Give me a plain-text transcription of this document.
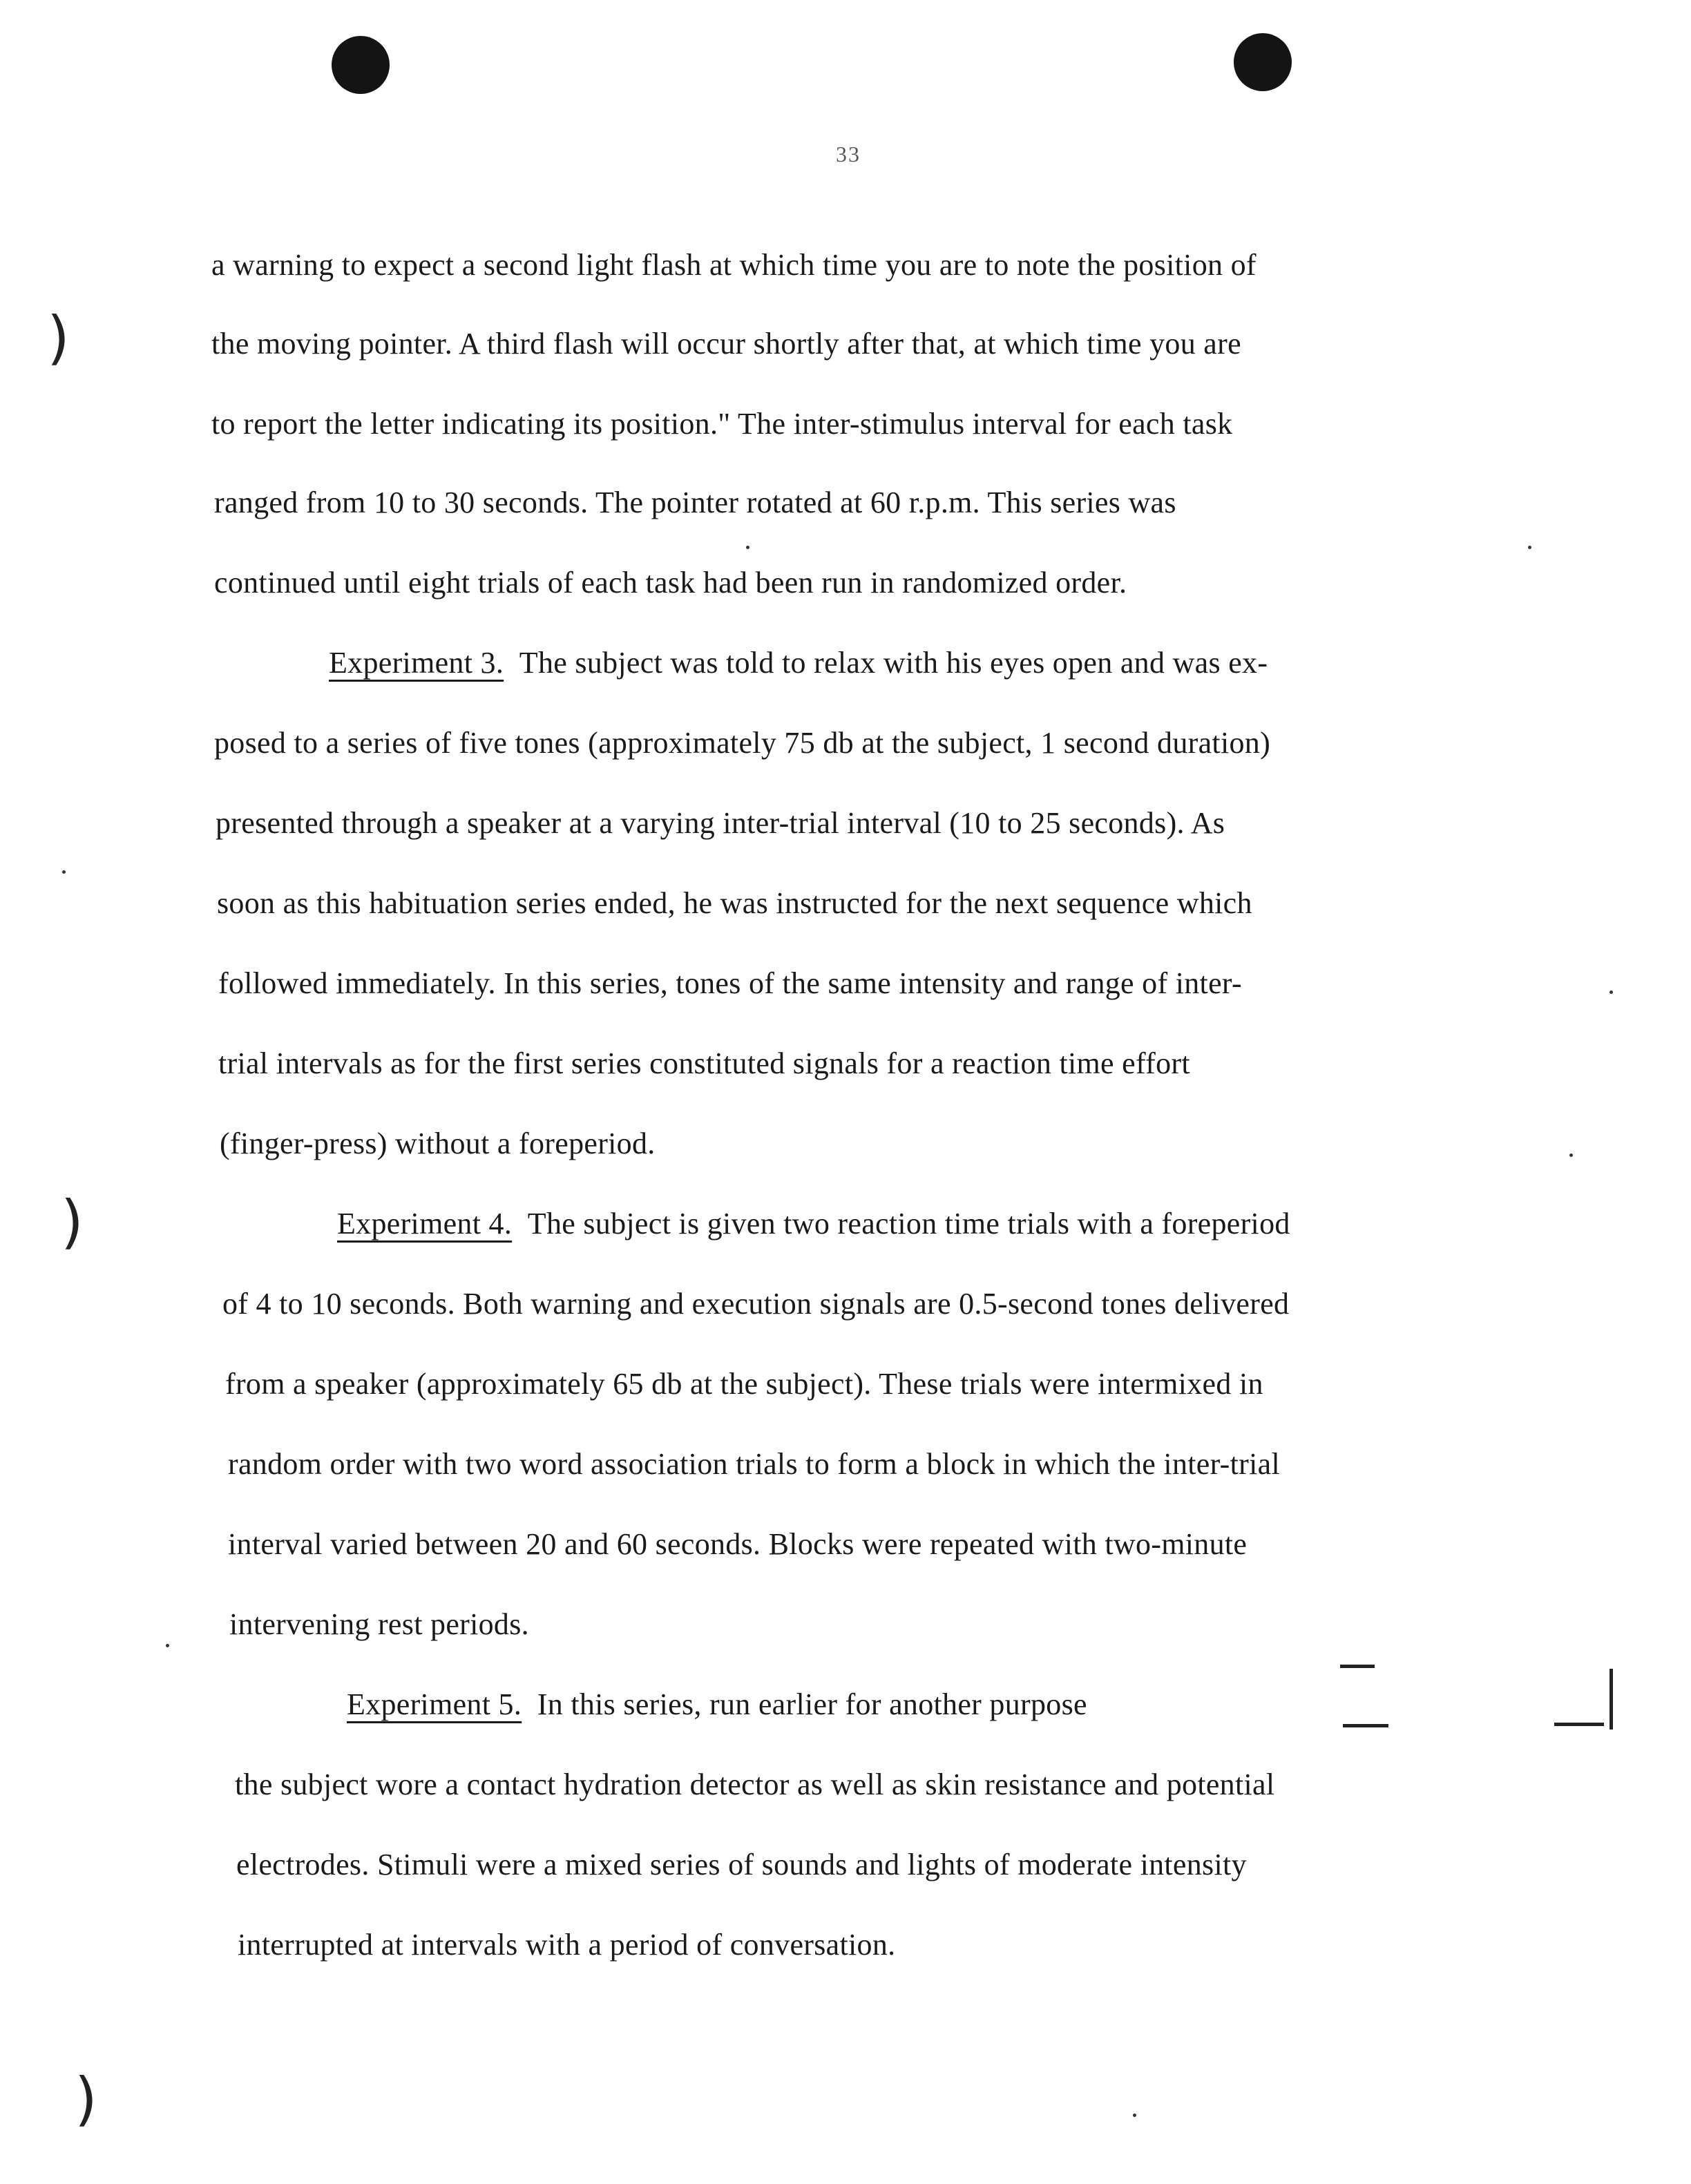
33
)
)
)
a warning to expect a second light flash at which time you are to note the position of
the moving pointer. A third flash will occur shortly after that, at which time you are
to report the letter indicating its position." The inter-stimulus interval for each task
ranged from 10 to 30 seconds. The pointer rotated at 60 r.p.m. This series was
continued until eight trials of each task had been run in randomized order.
Experiment 3. The subject was told to relax with his eyes open and was ex-
posed to a series of five tones (approximately 75 db at the subject, 1 second duration)
presented through a speaker at a varying inter-trial interval (10 to 25 seconds). As
soon as this habituation series ended, he was instructed for the next sequence which
followed immediately. In this series, tones of the same intensity and range of inter-
trial intervals as for the first series constituted signals for a reaction time effort
(finger-press) without a foreperiod.
Experiment 4. The subject is given two reaction time trials with a foreperiod
of 4 to 10 seconds. Both warning and execution signals are 0.5-second tones delivered
from a speaker (approximately 65 db at the subject). These trials were intermixed in
random order with two word association trials to form a block in which the inter-trial
interval varied between 20 and 60 seconds. Blocks were repeated with two-minute
intervening rest periods.
Experiment 5. In this series, run earlier for another purpose
the subject wore a contact hydration detector as well as skin resistance and potential
electrodes. Stimuli were a mixed series of sounds and lights of moderate intensity
interrupted at intervals with a period of conversation.
